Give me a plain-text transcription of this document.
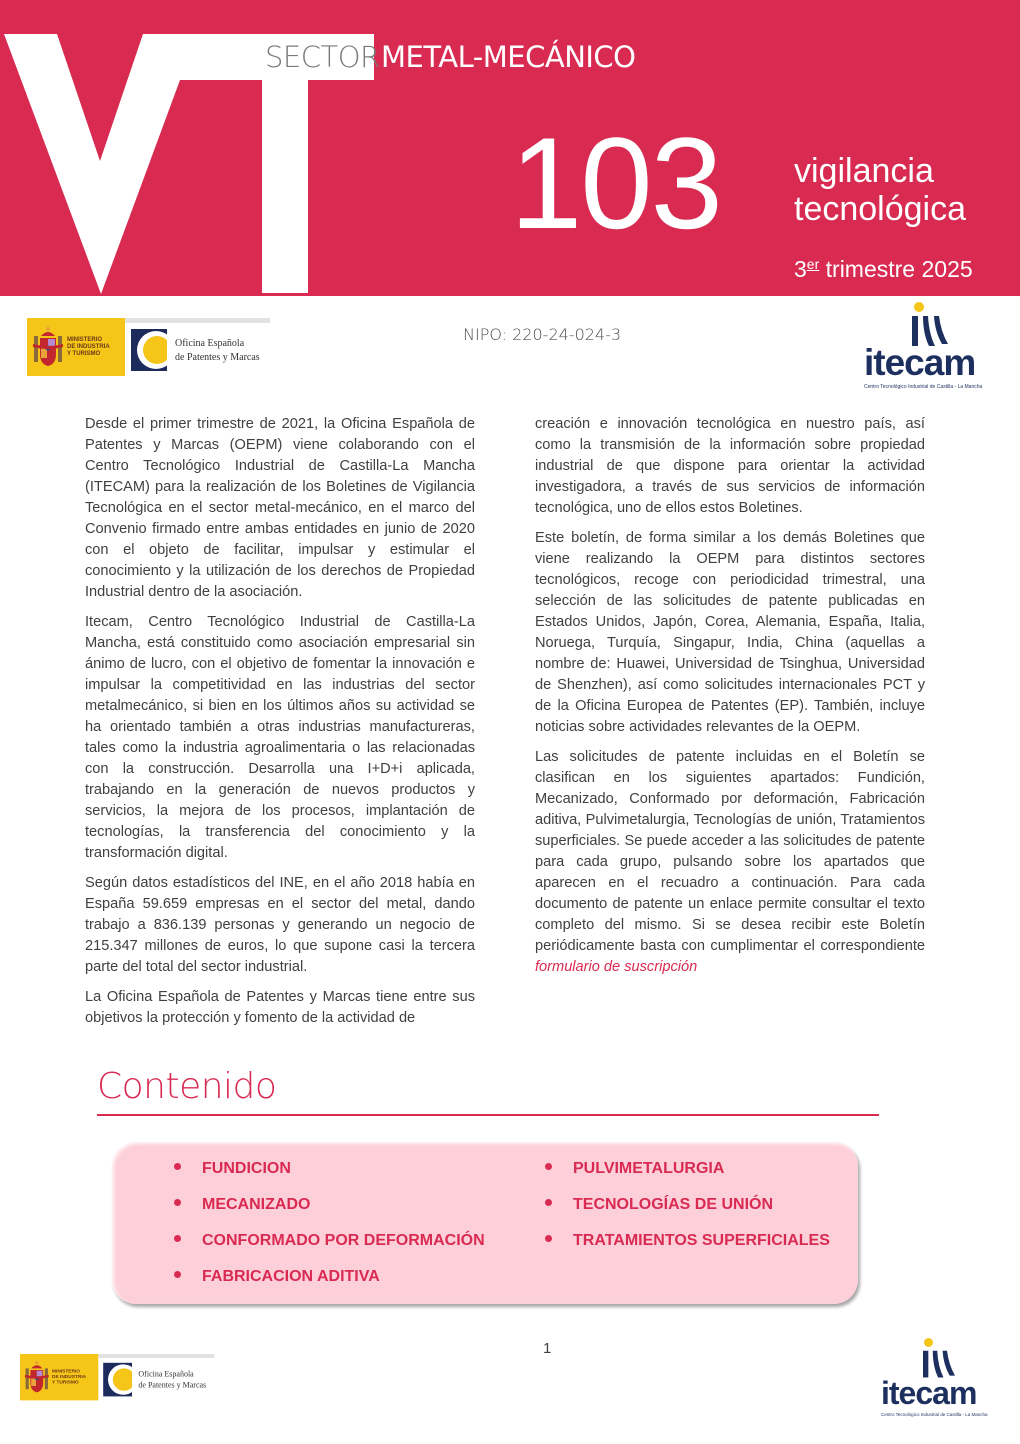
SECTOR METAL-MECÁNICO
103 vigilancia
tecnológica
3er trimestre 2025
MINISTERIO
DE INDUSTRIA
Y TURISMO
Oficina Española
de Patentes y Marcas
NIPO: 220-24-024-3
itecam
Centro Tecnológico Industrial de Castilla - La Mancha

Desde el primer trimestre de 2021, la Oficina Española de Patentes y Marcas (OEPM) viene colaborando con el Centro Tecnológico Industrial de Castilla-La Mancha (ITECAM) para la realización de los Boletines de Vigilancia Tecnológica en el sector metal-mecánico, en el marco del Convenio firmado entre ambas entidades en junio de 2020 con el objeto de facilitar, impulsar y estimular el conocimiento y la utilización de los derechos de Propiedad Industrial dentro de la asociación.

Itecam, Centro Tecnológico Industrial de Castilla-La Mancha, está constituido como asociación empresarial sin ánimo de lucro, con el objetivo de fomentar la innovación e impulsar la competitividad en las industrias del sector metalmecánico, si bien en los últimos años su actividad se ha orientado también a otras industrias manufactureras, tales como la industria agroalimentaria o las relacionadas con la construcción. Desarrolla una I+D+i aplicada, trabajando en la generación de nuevos productos y servicios, la mejora de los procesos, implantación de tecnologías, la transferencia del conocimiento y la transformación digital.

Según datos estadísticos del INE, en el año 2018 había en España 59.659 empresas en el sector del metal, dando trabajo a 836.139 personas y generando un negocio de 215.347 millones de euros, lo que supone casi la tercera parte del total del sector industrial.

La Oficina Española de Patentes y Marcas tiene entre sus objetivos la protección y fomento de la actividad de

creación e innovación tecnológica en nuestro país, así como la transmisión de la información sobre propiedad industrial de que dispone para orientar la actividad investigadora, a través de sus servicios de información tecnológica, uno de ellos estos Boletines.

Este boletín, de forma similar a los demás Boletines que viene realizando la OEPM para distintos sectores tecnológicos, recoge con periodicidad trimestral, una selección de las solicitudes de patente publicadas en Estados Unidos, Japón, Corea, Alemania, España, Italia, Noruega, Turquía, Singapur, India, China (aquellas a nombre de: Huawei, Universidad de Tsinghua, Universidad de Shenzhen), así como solicitudes internacionales PCT y de la Oficina Europea de Patentes (EP). También, incluye noticias sobre actividades relevantes de la OEPM.

Las solicitudes de patente incluidas en el Boletín se clasifican en los siguientes apartados: Fundición, Mecanizado, Conformado por deformación, Fabricación aditiva, Pulvimetalurgia, Tecnologías de unión, Tratamientos superficiales. Se puede acceder a las solicitudes de patente para cada grupo, pulsando sobre los apartados que aparecen en el recuadro a continuación. Para cada documento de patente un enlace permite consultar el texto completo del mismo. Si se desea recibir este Boletín periódicamente basta con cumplimentar el correspondiente formulario de suscripción

Contenido
FUNDICION
MECANIZADO
CONFORMADO POR DEFORMACIÓN
FABRICACION ADITIVA
PULVIMETALURGIA
TECNOLOGÍAS DE UNIÓN
TRATAMIENTOS SUPERFICIALES
1
MINISTERIO
DE INDUSTRIA
Y TURISMO
Oficina Española
de Patentes y Marcas	itecam
Centro Tecnológico Industrial de Castilla - La Mancha
